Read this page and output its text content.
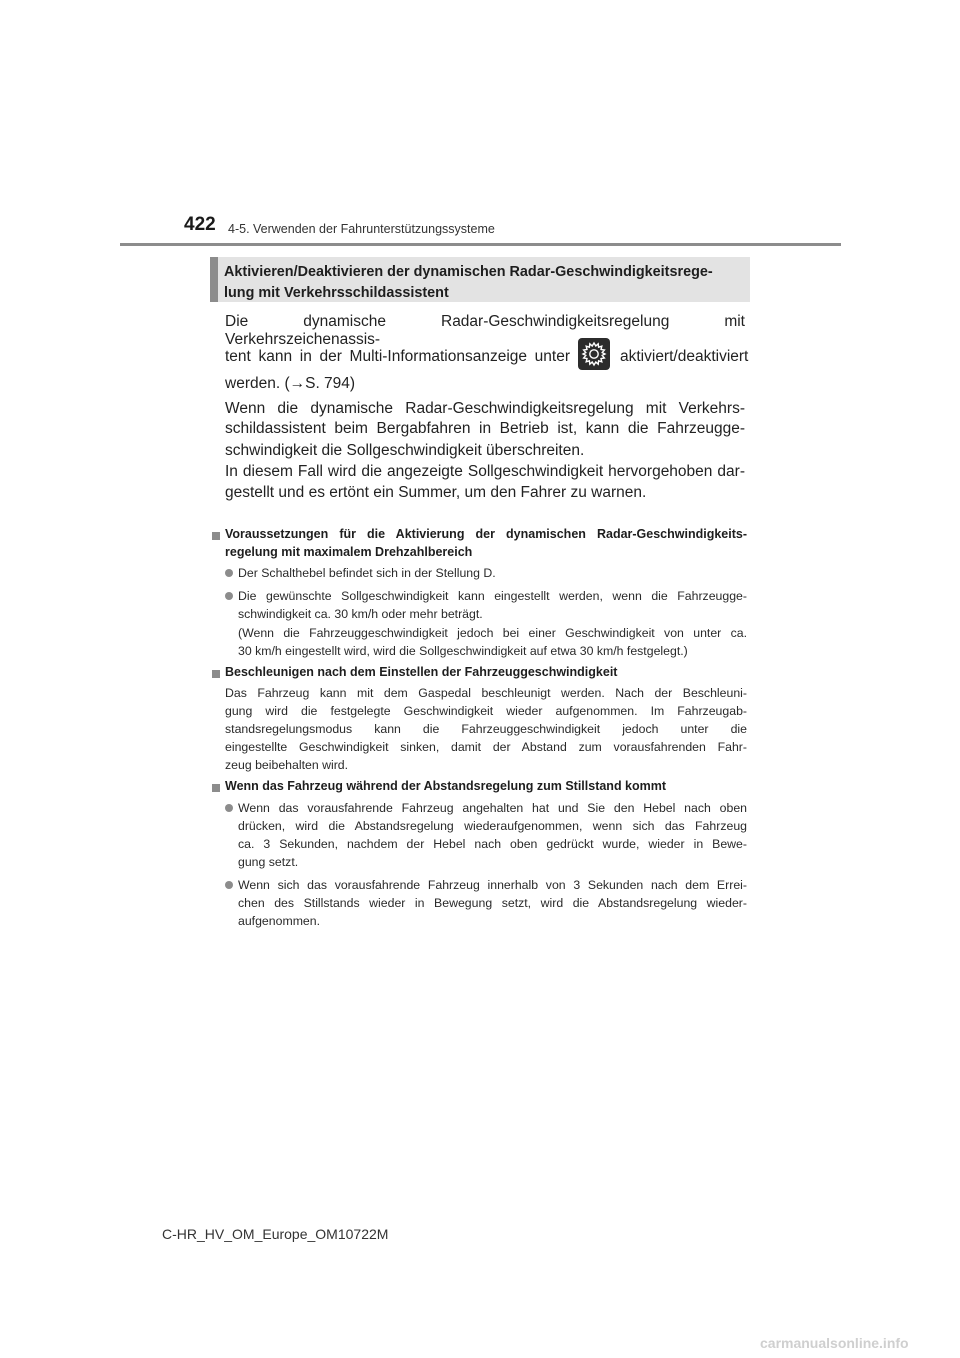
422 4-5. Verwenden der Fahrunterstützungssysteme
Aktivieren/Deaktivieren der dynamischen Radar-Geschwindigkeitsrege-
lung mit Verkehrsschildassistent
Die dynamische Radar-Geschwindigkeitsregelung mit Verkehrszeichenassis-
tent kann in der Multi-Informationsanzeige unter	aktiviert/deaktiviert
werden. (→S. 794)
Wenn die dynamische Radar-Geschwindigkeitsregelung mit Verkehrs-
schildassistent beim Bergabfahren in Betrieb ist, kann die Fahrzeugge-
schwindigkeit die Sollgeschwindigkeit überschreiten.
In diesem Fall wird die angezeigte Sollgeschwindigkeit hervorgehoben dar-
gestellt und es ertönt ein Summer, um den Fahrer zu warnen.
Voraussetzungen für die Aktivierung der dynamischen Radar-Geschwindigkeits-
regelung mit maximalem Drehzahlbereich
Der Schalthebel befindet sich in der Stellung D.
Die gewünschte Sollgeschwindigkeit kann eingestellt werden, wenn die Fahrzeugge-
schwindigkeit ca. 30 km/h oder mehr beträgt.
(Wenn die Fahrzeuggeschwindigkeit jedoch bei einer Geschwindigkeit von unter ca.
30 km/h eingestellt wird, wird die Sollgeschwindigkeit auf etwa 30 km/h festgelegt.)
Beschleunigen nach dem Einstellen der Fahrzeuggeschwindigkeit
Das Fahrzeug kann mit dem Gaspedal beschleunigt werden. Nach der Beschleuni-
gung wird die festgelegte Geschwindigkeit wieder aufgenommen. Im Fahrzeugab-
standsregelungsmodus kann die Fahrzeuggeschwindigkeit jedoch unter die
eingestellte Geschwindigkeit sinken, damit der Abstand zum vorausfahrenden Fahr-
zeug beibehalten wird.
Wenn das Fahrzeug während der Abstandsregelung zum Stillstand kommt
Wenn das vorausfahrende Fahrzeug angehalten hat und Sie den Hebel nach oben
drücken, wird die Abstandsregelung wiederaufgenommen, wenn sich das Fahrzeug
ca. 3 Sekunden, nachdem der Hebel nach oben gedrückt wurde, wieder in Bewe-
gung setzt.
Wenn sich das vorausfahrende Fahrzeug innerhalb von 3 Sekunden nach dem Errei-
chen des Stillstands wieder in Bewegung setzt, wird die Abstandsregelung wieder-
aufgenommen.
C-HR_HV_OM_Europe_OM10722M
carmanualsonline.info
